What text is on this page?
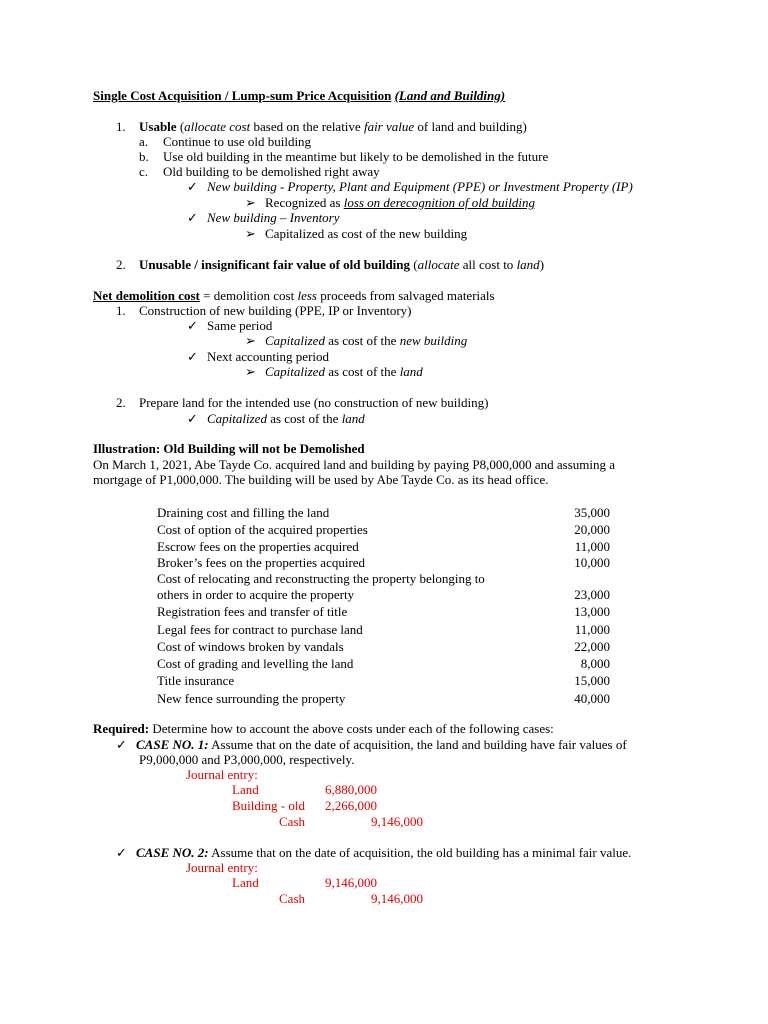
Single Cost Acquisition / Lump-sum Price Acquisition (Land and Building)
1. Usable (allocate cost based on the relative fair value of land and building)
a. Continue to use old building
b. Use old building in the meantime but likely to be demolished in the future
c. Old building to be demolished right away
✓ New building - Property, Plant and Equipment (PPE) or Investment Property (IP)
➢ Recognized as loss on derecognition of old building
✓ New building – Inventory
➢ Capitalized as cost of the new building
2. Unusable / insignificant fair value of old building (allocate all cost to land)
Net demolition cost = demolition cost less proceeds from salvaged materials
1. Construction of new building (PPE, IP or Inventory)
✓ Same period
➢ Capitalized as cost of the new building
✓ Next accounting period
➢ Capitalized as cost of the land
2. Prepare land for the intended use (no construction of new building)
✓ Capitalized as cost of the land
Illustration: Old Building will not be Demolished
On March 1, 2021, Abe Tayde Co. acquired land and building by paying P8,000,000 and assuming a
mortgage of P1,000,000. The building will be used by Abe Tayde Co. as its head office.
Draining cost and filling the land	35,000
Cost of option of the acquired properties	20,000
Escrow fees on the properties acquired	11,000
Broker’s fees on the properties acquired	10,000
Cost of relocating and reconstructing the property belonging to
others in order to acquire the property	23,000
Registration fees and transfer of title	13,000
Legal fees for contract to purchase land	11,000
Cost of windows broken by vandals	22,000
Cost of grading and levelling the land	8,000
Title insurance	15,000
New fence surrounding the property	40,000
Required: Determine how to account the above costs under each of the following cases:
✓ CASE NO. 1: Assume that on the date of acquisition, the land and building have fair values of
P9,000,000 and P3,000,000, respectively.
Journal entry:
Land	6,880,000
Building - old 2,266,000
Cash	9,146,000
✓ CASE NO. 2: Assume that on the date of acquisition, the old building has a minimal fair value.
Journal entry:
Land	9,146,000
Cash	9,146,000
